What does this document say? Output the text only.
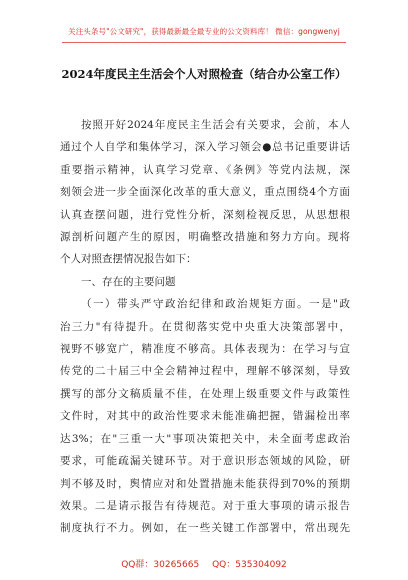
关注头条号"公文研究"，获得最新最全最专业的公文资料库！ 微信：gongwenyj
2024年度民主生活会个人对照检查（结合办公室工作）
按照开好2024年度民主生活会有关要求，会前，本人
通过个人自学和集体学习，深入学习领会●总书记重要讲话
重要指示精神，认真学习党章、《条例》等党内法规，深
刻领会进一步全面深化改革的重大意义，重点围绕4个方面
认真查摆问题，进行党性分析，深刻检视反思，从思想根
源剖析问题产生的原因，明确整改措施和努力方向。现将
个人对照查摆情况报告如下：
一、存在的主要问题
（一）带头严守政治纪律和政治规矩方面。一是"政
治三力"有待提升。在贯彻落实党中央重大决策部署中，
视野不够宽广，精准度不够高。具体表现为：在学习与宣
传党的二十届三中全会精神过程中，理解不够深刻，导致
撰写的部分文稿质量不佳，在处理上级重要文件与政策性
文件时，对其中的政治性要求未能准确把握，错漏检出率
达3%；在"三重一大"事项决策把关中，未全面考虑政治
要求，可能疏漏关键环节。对于意识形态领域的风险，研
判不够及时，舆情应对和处置措施未能获得到70%的预期
效果。二是请示报告有待规范。对于重大事项的请示报告
制度执行不力。例如，在一些关键工作部署中，常出现先
QQ群：30265665 QQ：535304092
